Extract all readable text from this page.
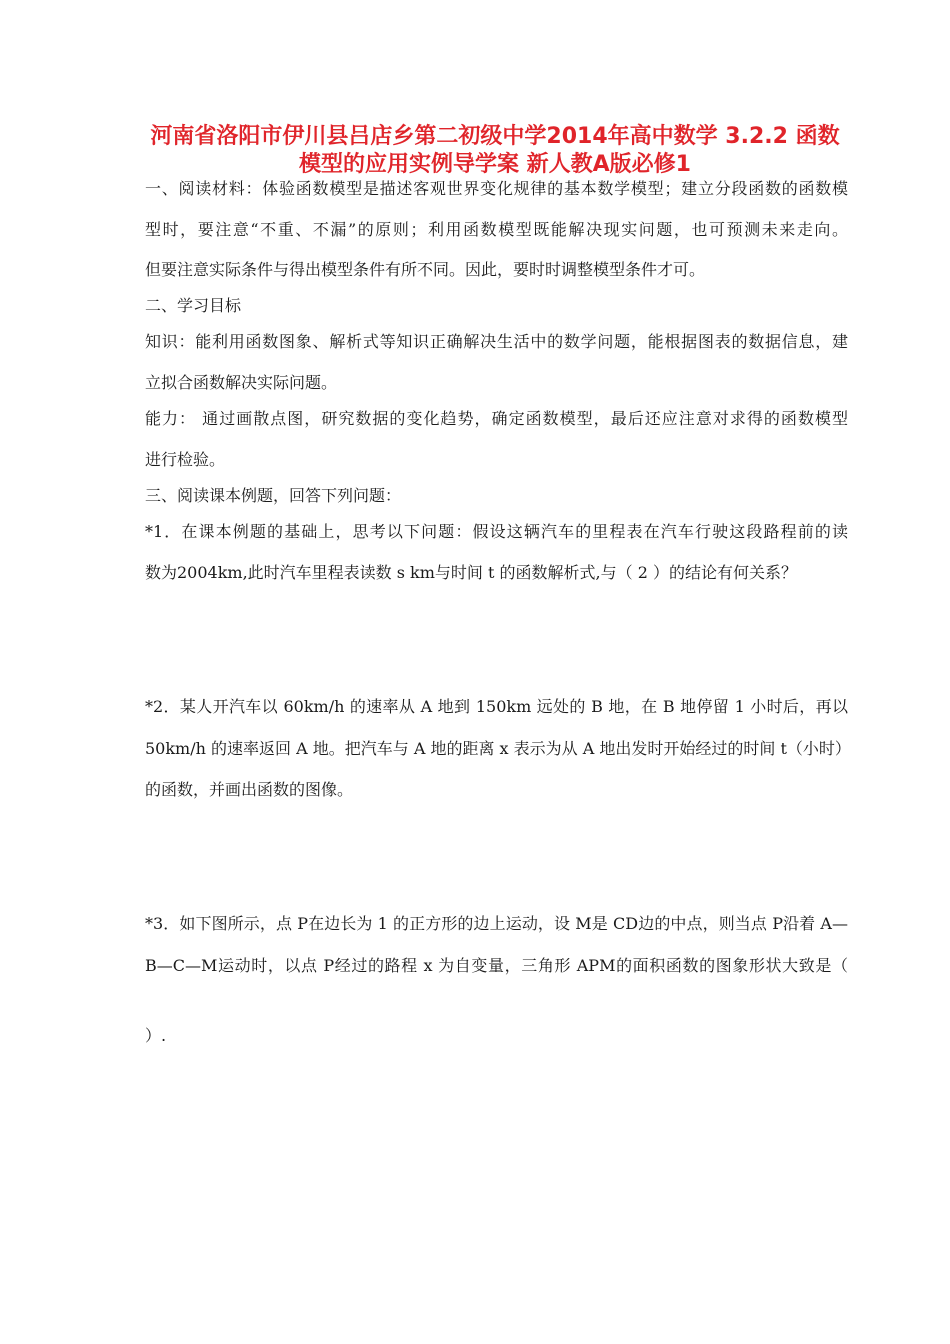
河南省洛阳市伊川县吕店乡第二初级中学2014年高中数学 3.2.2 函数
模型的应用实例导学案 新人教A版必修1
一、阅读材料：体验函数模型是描述客观世界变化规律的基本数学模型；建立分段函数的函数模
型时，要注意“不重、不漏”的原则；利用函数模型既能解决现实问题，也可预测未来走向。
但要注意实际条件与得出模型条件有所不同。因此，要时时调整模型条件才可。
二、学习目标
知识：能利用函数图象、解析式等知识正确解决生活中的数学问题，能根据图表的数据信息，建
立拟合函数解决实际问题。
能力： 通过画散点图，研究数据的变化趋势，确定函数模型，最后还应注意对求得的函数模型
进行检验。
三、阅读课本例题，回答下列问题：
*1．在课本例题的基础上，思考以下问题：假设这辆汽车的里程表在汽车行驶这段路程前的读
数为2004km,此时汽车里程表读数 s km与时间 t 的函数解析式,与（ 2 ）的结论有何关系？
*2．某人开汽车以 60km/h 的速率从 A 地到 150km 远处的 B 地，在 B 地停留 1 小时后，再以
50km/h 的速率返回 A 地。把汽车与 A 地的距离 x 表示为从 A 地出发时开始经过的时间 t（小时）
的函数，并画出函数的图像。
*3．如下图所示，点 P在边长为 1 的正方形的边上运动，设 M是 CD边的中点，则当点 P沿着 A—
B—C—M运动时，以点 P经过的路程 x 为自变量，三角形 APM的面积函数的图象形状大致是（
）.
